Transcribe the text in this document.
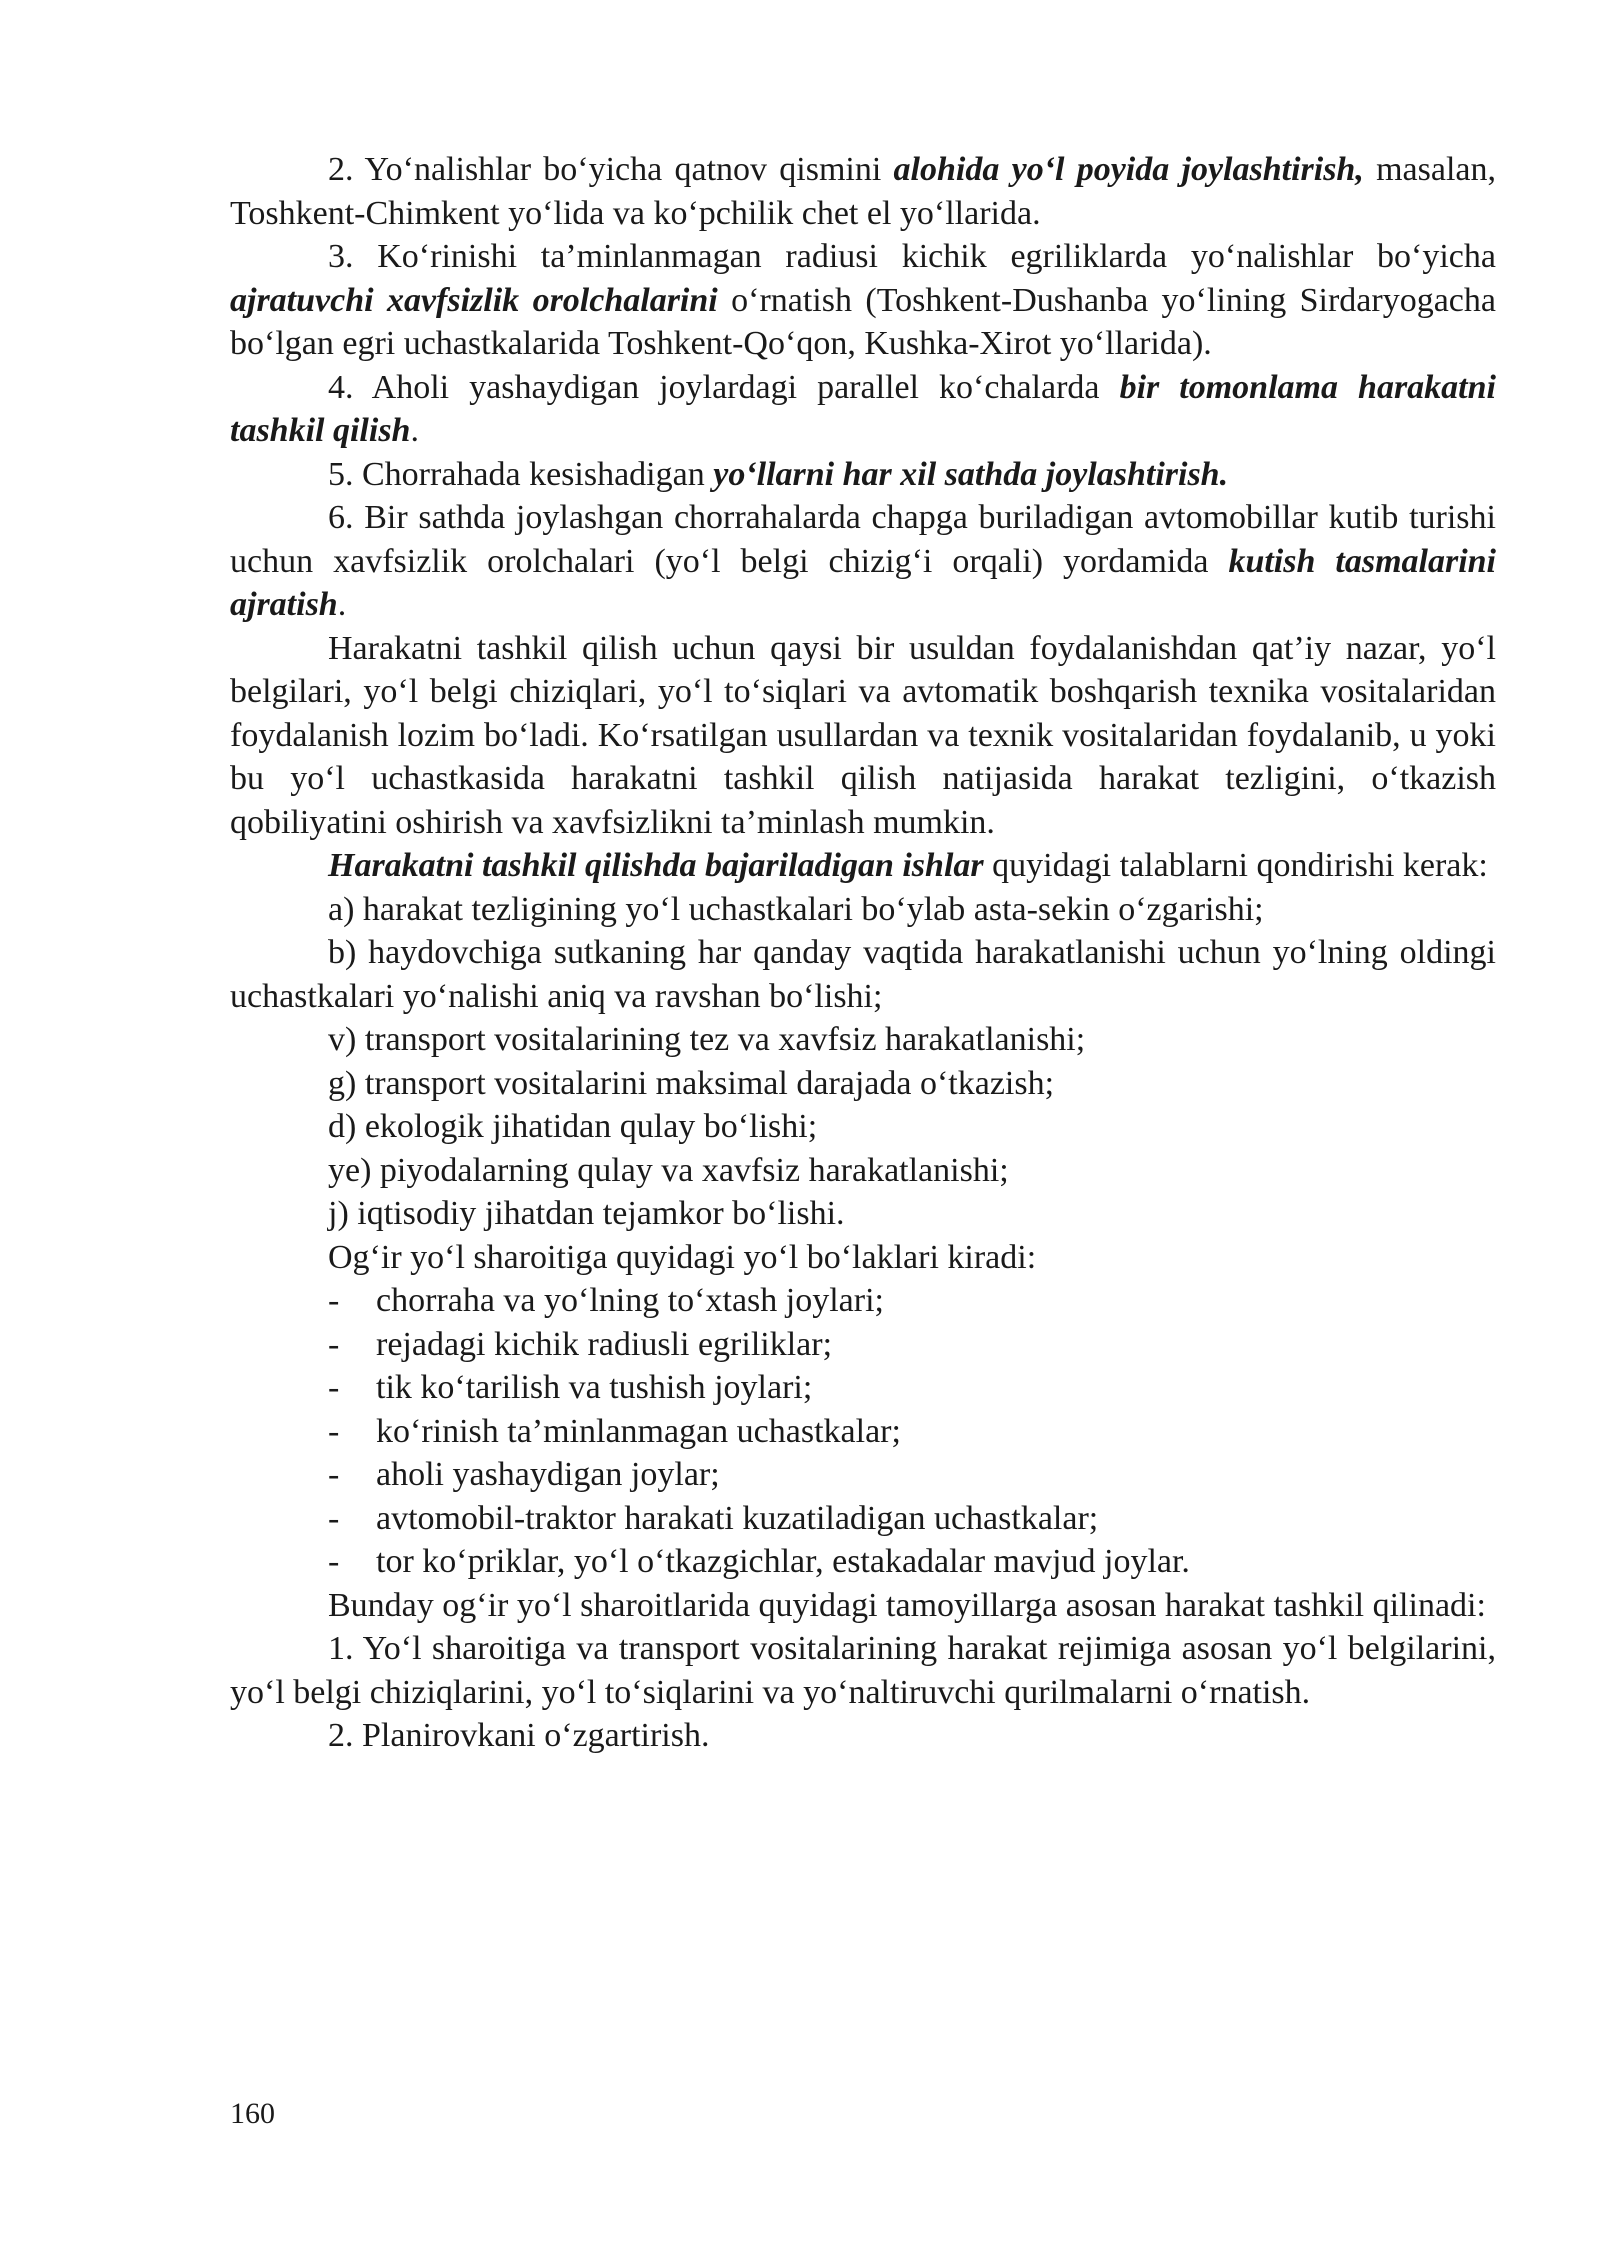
2. Yo‘nalishlar bo‘yicha qatnov qismini alohida yo‘l poyida joylashtirish, masalan, Toshkent-Chimkent yo‘lida va ko‘pchilik chet el yo‘llarida.

3. Ko‘rinishi ta’minlanmagan radiusi kichik egriliklarda yo‘nalishlar bo‘yicha ajratuvchi xavfsizlik orolchalarini o‘rnatish (Toshkent-Dushanba yo‘lining Sirdaryogacha bo‘lgan egri uchastkalarida Toshkent-Qo‘qon, Kushka-Xirot yo‘llarida).

4. Aholi yashaydigan joylardagi parallel ko‘chalarda bir tomonlama harakatni tashkil qilish.

5. Chorrahada kesishadigan yo‘llarni har xil sathda joylashtirish.

6. Bir sathda joylashgan chorrahalarda chapga buriladigan avtomobillar kutib turishi uchun xavfsizlik orolchalari (yo‘l belgi chizig‘i orqali) yordamida kutish tasmalarini ajratish.

Harakatni tashkil qilish uchun qaysi bir usuldan foydalanishdan qat’iy nazar, yo‘l belgilari, yo‘l belgi chiziqlari, yo‘l to‘siqlari va avtomatik boshqarish texnika vositalaridan foydalanish lozim bo‘ladi. Ko‘rsatilgan usullardan va texnik vositalaridan foydalanib, u yoki bu yo‘l uchastkasida harakatni tashkil qilish natijasida harakat tezligini, o‘tkazish qobiliyatini oshirish va xavfsizlikni ta’minlash mumkin.

Harakatni tashkil qilishda bajariladigan ishlar quyidagi talablarni qondirishi kerak:

a) harakat tezligining yo‘l uchastkalari bo‘ylab asta-sekin o‘zgarishi;

b) haydovchiga sutkaning har qanday vaqtida harakatlanishi uchun yo‘lning oldingi uchastkalari yo‘nalishi aniq va ravshan bo‘lishi;

v) transport vositalarining tez va xavfsiz harakatlanishi;

g) transport vositalarini maksimal darajada o‘tkazish;

d) ekologik jihatidan qulay bo‘lishi;

ye) piyodalarning qulay va xavfsiz harakatlanishi;

j) iqtisodiy jihatdan tejamkor bo‘lishi.

Og‘ir yo‘l sharoitiga quyidagi yo‘l bo‘laklari kiradi:

- chorraha va yo‘lning to‘xtash joylari;
- rejadagi kichik radiusli egriliklar;
- tik ko‘tarilish va tushish joylari;
- ko‘rinish ta’minlanmagan uchastkalar;
- aholi yashaydigan joylar;
- avtomobil-traktor harakati kuzatiladigan uchastkalar;
- tor ko‘priklar, yo‘l o‘tkazgichlar, estakadalar mavjud joylar.

Bunday og‘ir yo‘l sharoitlarida quyidagi tamoyillarga asosan harakat tashkil qilinadi:

1. Yo‘l sharoitiga va transport vositalarining harakat rejimiga asosan yo‘l belgilarini, yo‘l belgi chiziqlarini, yo‘l to‘siqlarini va yo‘naltiruvchi qurilmalarni o‘rnatish.

2. Planirovkani o‘zgartirish.

160
